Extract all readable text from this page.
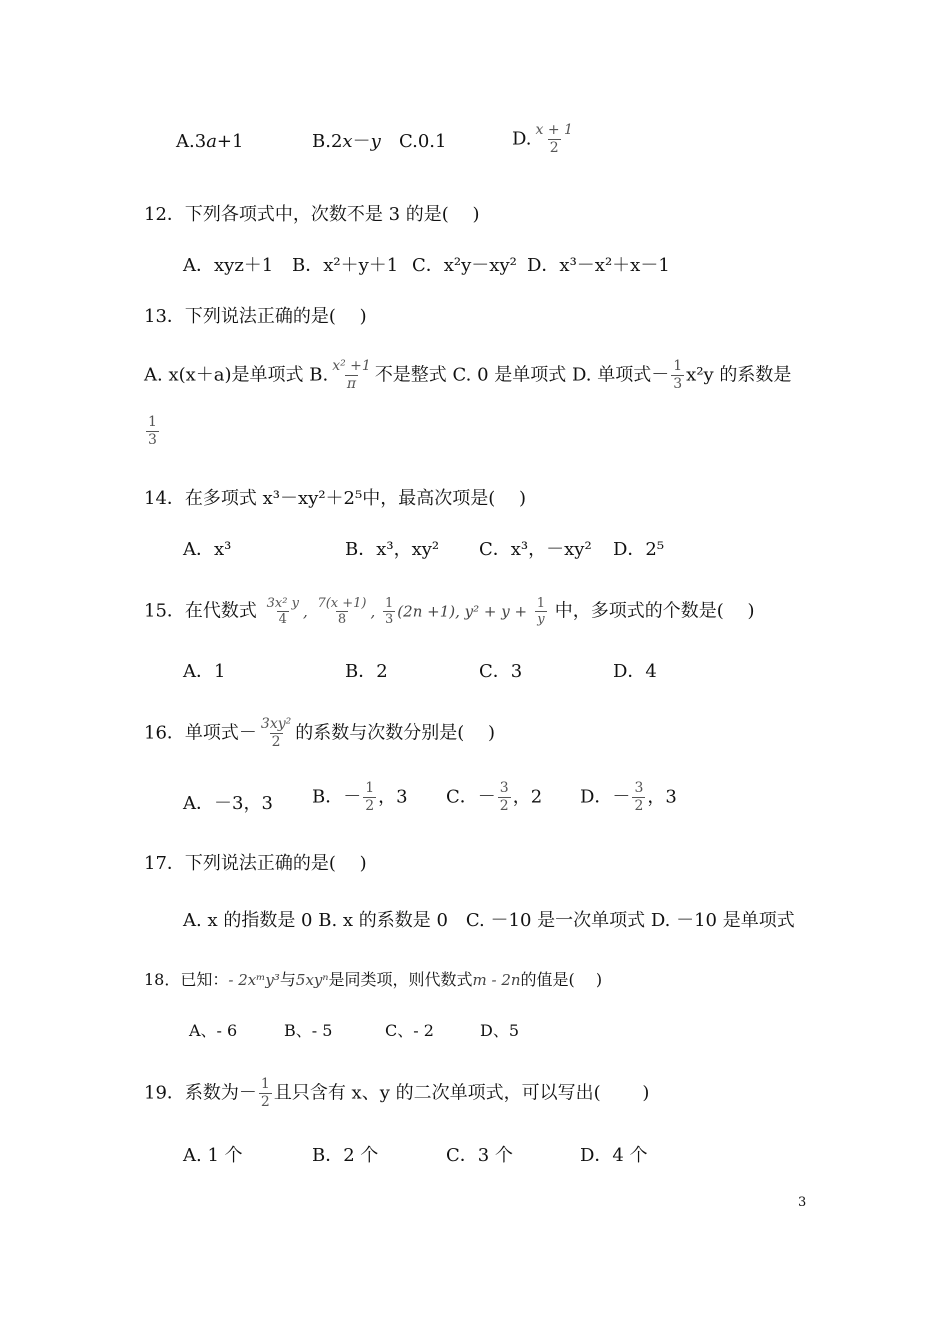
A.3a+1	B.2x－y C.0.1	D. $\frac{x + 1}{2}$
12．下列各项式中，次数不是 3 的是(　 )
A．xyz＋1 B．x²＋y＋1 C．x²y－xy² D．x³－x²＋x－1
13．下列说法正确的是(　 )
A. x(x＋a)是单项式 B. $\frac{\text{x² +1}}{\pi}$ 不是整式 C. 0 是单项式 D. 单项式－ $\frac{1}{3} x^2y$ 的系数是
$\frac{1}{3}$
14．在多项式 x³－xy²＋2⁵中，最高次项是(　 )
A．x³	B．x³，xy² C．x³，－xy² D．2⁵
15．在代数式 $\frac{\text{3x² y}}{4}$ , $\frac{7(x +1)}{8}$ , $\frac{1}{3} (2n +1)$, $y^2 + y + \frac{1}{y}$ 中，多项式的个数是(　 )
A．1	B．2	C．3	D．4
16．单项式－ $\frac{\text{3xy²}}{2}$ 的系数与次数分别是(　 )
A．－3，3 B．－ $\frac{1}{2}$ ，3 C．－ $\frac{3}{2}$ ，2 D．－ $\frac{3}{2}$ ，3
17．下列说法正确的是(　 )
A. x 的指数是 0 B. x 的系数是 0　C. －10 是一次单项式 D. －10 是单项式
18．已知：- 2xᵐy³与5xyⁿ是同类项，则代数式m - 2n的值是(　 )
A、- 6	B、- 5	C、- 2	D、5
19．系数为－ $\frac{1}{2}$ 且只含有 x、y 的二次单项式，可以写出(　　 )
A. 1 个	B．2 个	C．3 个	D．4 个
3
